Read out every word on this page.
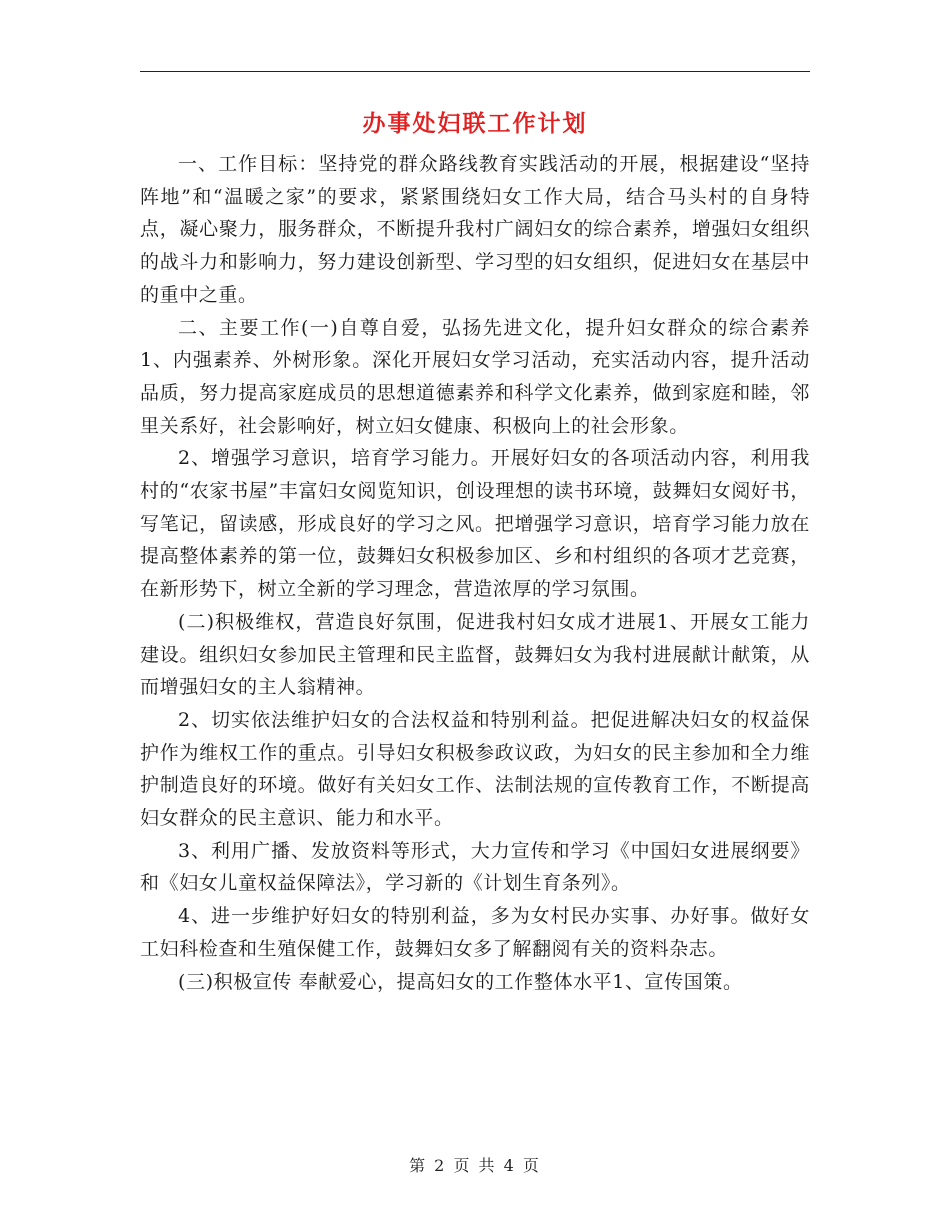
办事处妇联工作计划

一、工作目标：坚持党的群众路线教育实践活动的开展，根据建设“坚持阵地”和“温暖之家”的要求，紧紧围绕妇女工作大局，结合马头村的自身特点，凝心聚力，服务群众，不断提升我村广阔妇女的综合素养，增强妇女组织的战斗力和影响力，努力建设创新型、学习型的妇女组织，促进妇女在基层中的重中之重。

二、主要工作(一)自尊自爱，弘扬先进文化，提升妇女群众的综合素养1、内强素养、外树形象。深化开展妇女学习活动，充实活动内容，提升活动品质，努力提高家庭成员的思想道德素养和科学文化素养，做到家庭和睦，邻里关系好，社会影响好，树立妇女健康、积极向上的社会形象。

2、增强学习意识，培育学习能力。开展好妇女的各项活动内容，利用我村的“农家书屋”丰富妇女阅览知识，创设理想的读书环境，鼓舞妇女阅好书，写笔记，留读感，形成良好的学习之风。把增强学习意识，培育学习能力放在提高整体素养的第一位，鼓舞妇女积极参加区、乡和村组织的各项才艺竞赛，在新形势下，树立全新的学习理念，营造浓厚的学习氛围。

(二)积极维权，营造良好氛围，促进我村妇女成才进展1、开展女工能力建设。组织妇女参加民主管理和民主监督，鼓舞妇女为我村进展献计献策，从而增强妇女的主人翁精神。

2、切实依法维护妇女的合法权益和特别利益。把促进解决妇女的权益保护作为维权工作的重点。引导妇女积极参政议政，为妇女的民主参加和全力维护制造良好的环境。做好有关妇女工作、法制法规的宣传教育工作，不断提高妇女群众的民主意识、能力和水平。

3、利用广播、发放资料等形式，大力宣传和学习《中国妇女进展纲要》和《妇女儿童权益保障法》，学习新的《计划生育条列》。

4、进一步维护好妇女的特别利益，多为女村民办实事、办好事。做好女工妇科检查和生殖保健工作，鼓舞妇女多了解翻阅有关的资料杂志。

(三)积极宣传 奉献爱心，提高妇女的工作整体水平1、宣传国策。

第 2 页 共 4 页
